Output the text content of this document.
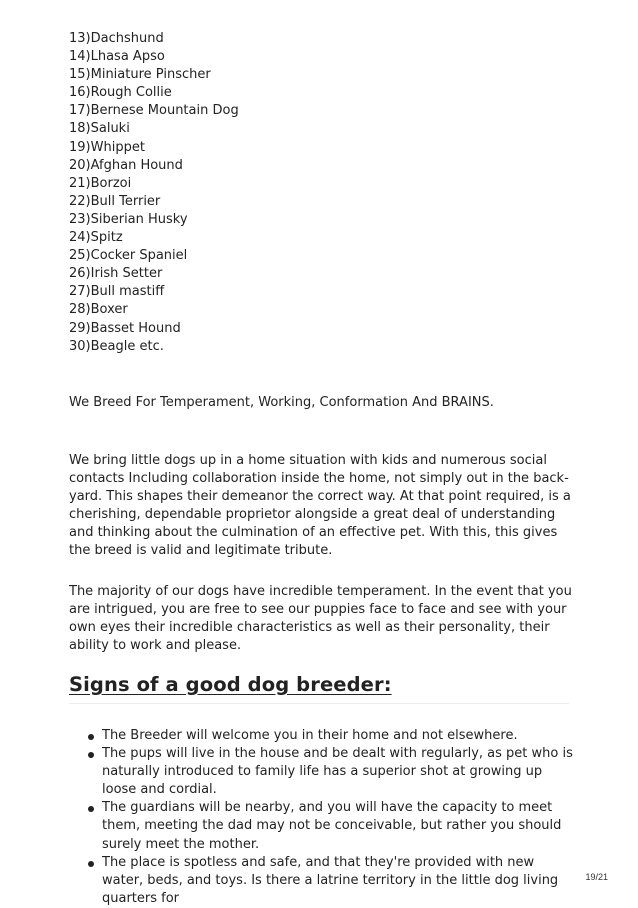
13)Dachshund
14)Lhasa Apso
15)Miniature Pinscher
16)Rough Collie
17)Bernese Mountain Dog
18)Saluki
19)Whippet
20)Afghan Hound
21)Borzoi
22)Bull Terrier
23)Siberian Husky
24)Spitz
25)Cocker Spaniel
26)Irish Setter
27)Bull mastiff
28)Boxer
29)Basset Hound
30)Beagle etc.

We Breed For Temperament, Working, Conformation And BRAINS.

We bring little dogs up in a home situation with kids and numerous social contacts Including collaboration inside the home, not simply out in the back-yard. This shapes their demeanor the correct way. At that point required, is a cherishing, dependable proprietor alongside a great deal of understanding and thinking about the culmination of an effective pet. With this, this gives the breed is valid and legitimate tribute.

The majority of our dogs have incredible temperament. In the event that you are intrigued, you are free to see our puppies face to face and see with your own eyes their incredible characteristics as well as their personality, their ability to work and please.

Signs of a good dog breeder:
The Breeder will welcome you in their home and not elsewhere.
The pups will live in the house and be dealt with regularly, as pet who is naturally introduced to family life has a superior shot at growing up loose and cordial.
The guardians will be nearby, and you will have the capacity to meet them, meeting the dad may not be conceivable, but rather you should surely meet the mother.
The place is spotless and safe, and that they're provided with new water, beds, and toys. Is there a latrine territory in the little dog living quarters for
19/21
